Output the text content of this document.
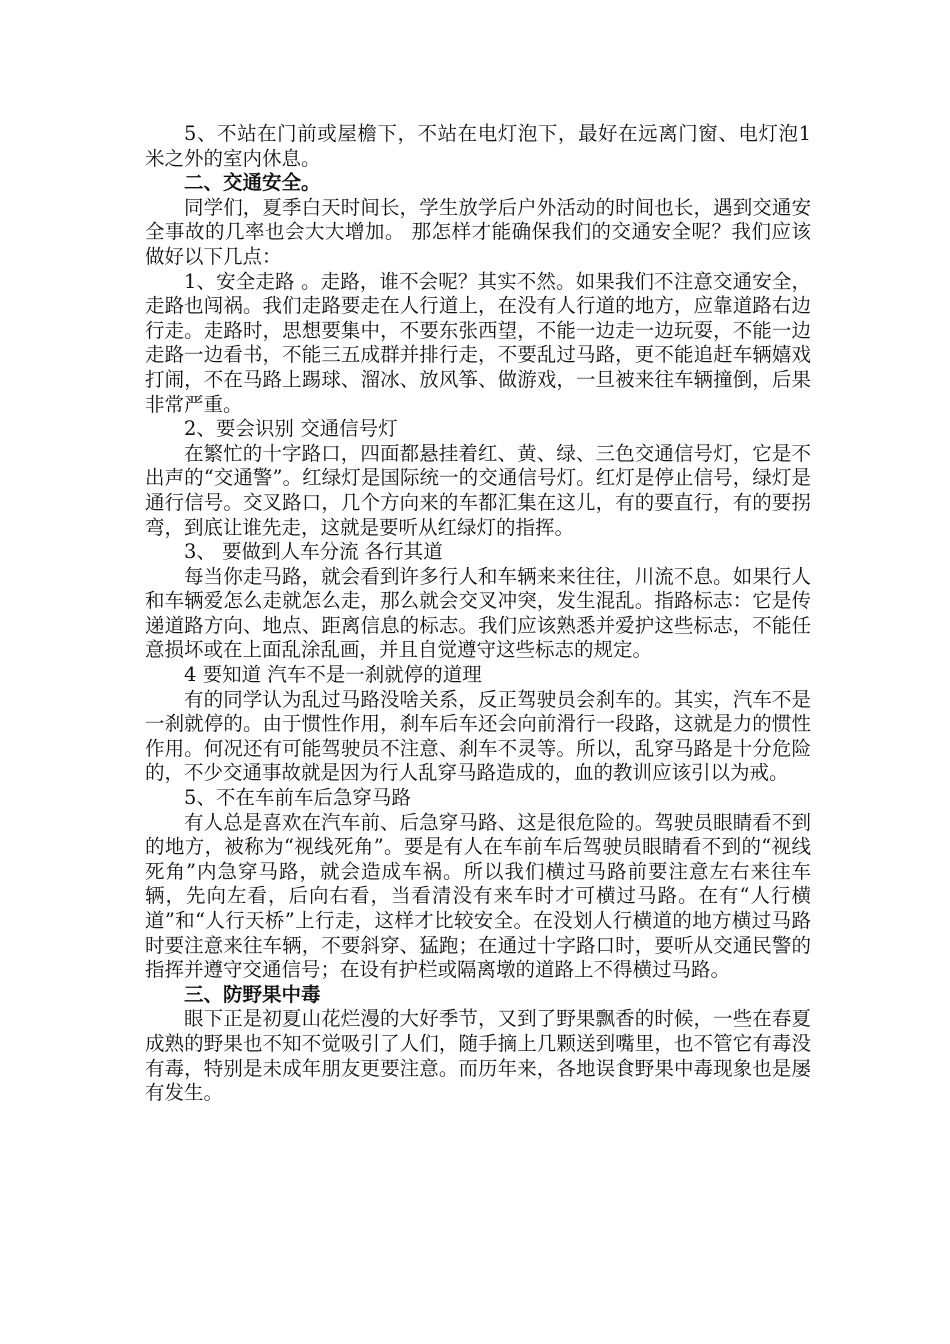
5、不站在门前或屋檐下，不站在电灯泡下，最好在远离门窗、电灯泡1米之外的室内休息。

二、交通安全。

同学们，夏季白天时间长，学生放学后户外活动的时间也长，遇到交通安全事故的几率也会大大增加。 那怎样才能确保我们的交通安全呢？我们应该做好以下几点：

1、安全走路 。走路，谁不会呢？其实不然。如果我们不注意交通安全，走路也闯祸。我们走路要走在人行道上，在没有人行道的地方，应靠道路右边行走。走路时，思想要集中，不要东张西望，不能一边走一边玩耍，不能一边走路一边看书，不能三五成群并排行走，不要乱过马路，更不能追赶车辆嬉戏打闹，不在马路上踢球、溜冰、放风筝、做游戏，一旦被来往车辆撞倒，后果非常严重。

2、要会识别 交通信号灯

在繁忙的十字路口，四面都悬挂着红、黄、绿、三色交通信号灯，它是不出声的“交通警”。红绿灯是国际统一的交通信号灯。红灯是停止信号，绿灯是通行信号。交叉路口，几个方向来的车都汇集在这儿，有的要直行，有的要拐弯，到底让谁先走，这就是要听从红绿灯的指挥。

3、 要做到人车分流 各行其道

每当你走马路，就会看到许多行人和车辆来来往往，川流不息。如果行人和车辆爱怎么走就怎么走，那么就会交叉冲突，发生混乱。指路标志：它是传递道路方向、地点、距离信息的标志。我们应该熟悉并爱护这些标志，不能任意损坏或在上面乱涂乱画，并且自觉遵守这些标志的规定。

4 要知道 汽车不是一刹就停的道理

有的同学认为乱过马路没啥关系，反正驾驶员会刹车的。其实，汽车不是一刹就停的。由于惯性作用，刹车后车还会向前滑行一段路，这就是力的惯性作用。何况还有可能驾驶员不注意、刹车不灵等。所以，乱穿马路是十分危险的，不少交通事故就是因为行人乱穿马路造成的，血的教训应该引以为戒。

5、不在车前车后急穿马路

有人总是喜欢在汽车前、后急穿马路、这是很危险的。驾驶员眼睛看不到的地方，被称为“视线死角”。要是有人在车前车后驾驶员眼睛看不到的“视线死角”内急穿马路，就会造成车祸。所以我们横过马路前要注意左右来往车辆，先向左看，后向右看，当看清没有来车时才可横过马路。在有“人行横道”和“人行天桥”上行走，这样才比较安全。在没划人行横道的地方横过马路时要注意来往车辆，不要斜穿、猛跑；在通过十字路口时，要听从交通民警的指挥并遵守交通信号；在设有护栏或隔离墩的道路上不得横过马路。

三、防野果中毒

眼下正是初夏山花烂漫的大好季节，又到了野果飘香的时候，一些在春夏成熟的野果也不知不觉吸引了人们，随手摘上几颗送到嘴里，也不管它有毒没有毒，特别是未成年朋友更要注意。而历年来，各地误食野果中毒现象也是屡有发生。
